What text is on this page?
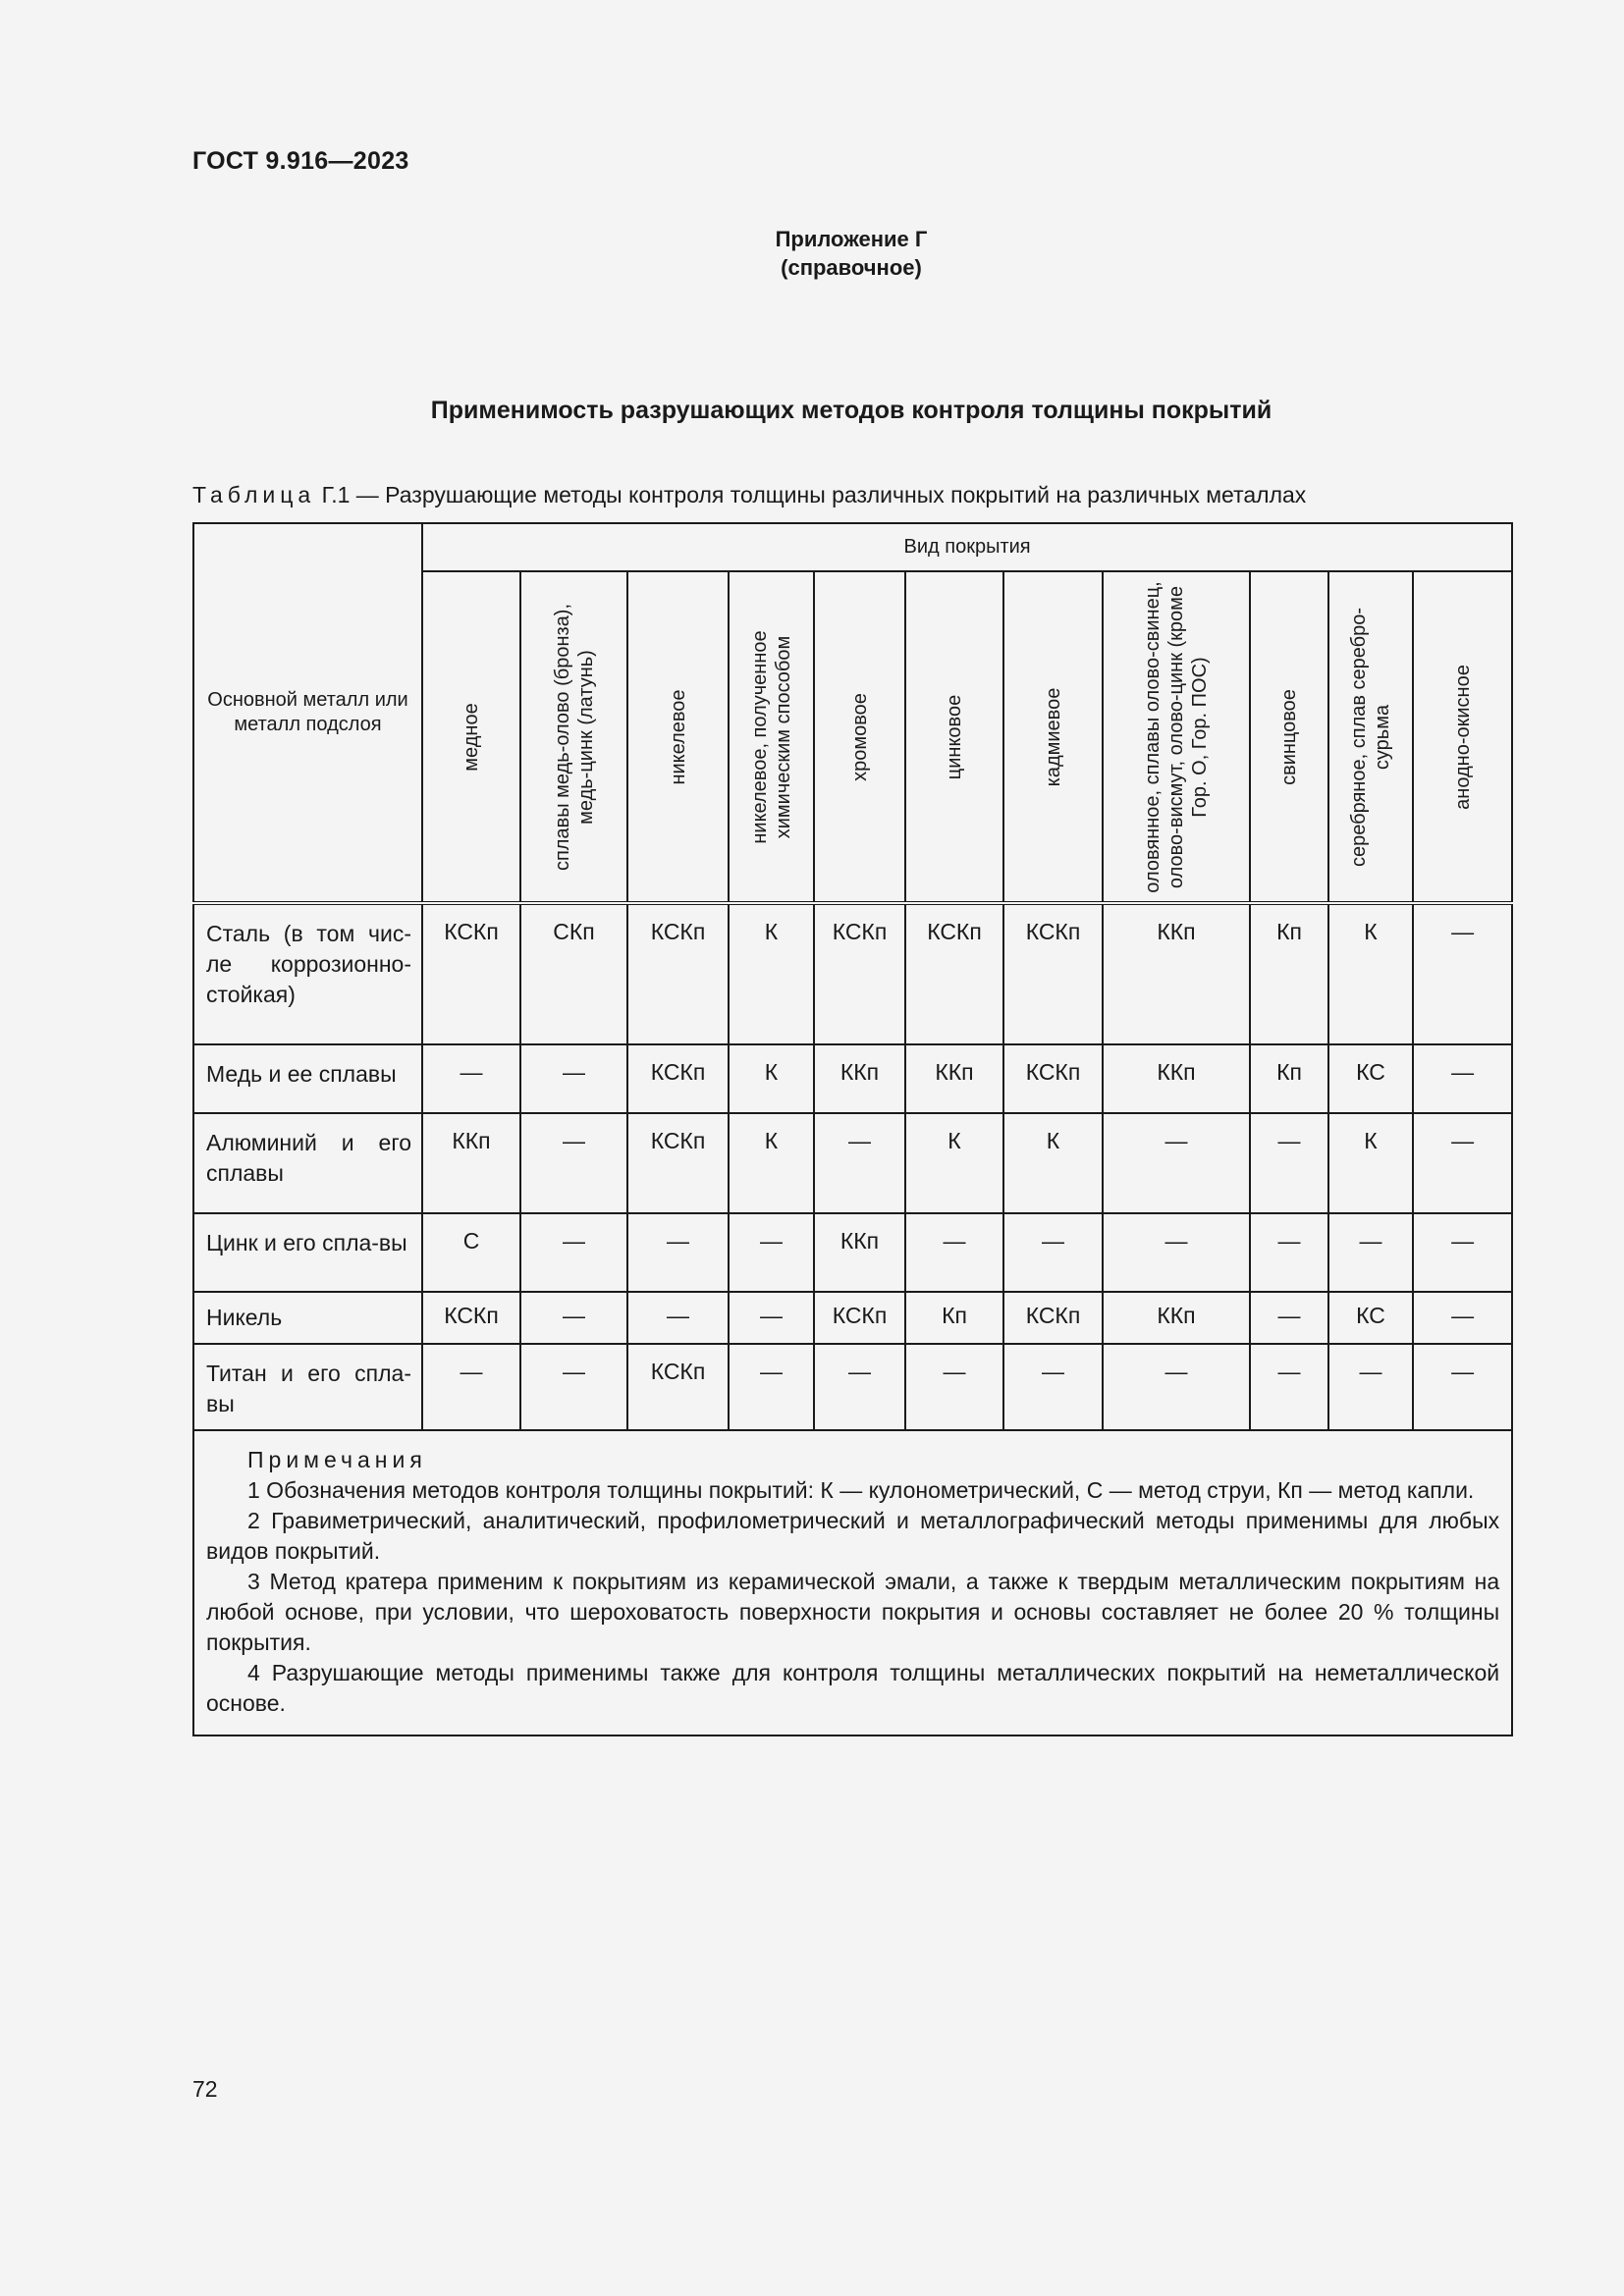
ГОСТ 9.916—2023
Приложение Г
(справочное)
Применимость разрушающих методов контроля толщины покрытий
Таблица Г.1 — Разрушающие методы контроля толщины различных покрытий на различных металлах
Основной металл или металл подслоя	Вид покрытия										

	медное	сплавы медь-олово (бронза), медь-цинк (латунь)	никелевое	никелевое, полученное химическим способом	хромовое	цинковое	кадмиевое	оловянное, сплавы олово-свинец, олово-висмут, олово-цинк (кроме Гор. О, Гор. ПОС)	свинцовое	серебряное, сплав серебро-сурьма	анодно-окисное

Сталь (в том чис-ле коррозионно-стойкая)	КСКп	СКп	КСКп	К	КСКп	КСКп	КСКп	ККп	Кп	К	—
Медь и ее сплавы	—	—	КСКп	К	ККп	ККп	КСКп	ККп	Кп	КС	—
Алюминий и его сплавы	ККп	—	КСКп	К	—	К	К	—	—	К	—
Цинк и его спла-вы	С	—	—	—	ККп	—	—	—	—	—	—
Никель	КСКп	—	—	—	КСКп	Кп	КСКп	ККп	—	КС	—
Титан и его спла-вы	—	—	КСКп	—	—	—	—	—	—	—	—

Примечания

1 Обозначения методов контроля толщины покрытий: К — кулонометрический, С — метод струи, Кп — метод капли.

2 Гравиметрический, аналитический, профилометрический и металлографический методы применимы для любых видов покрытий.

3 Метод кратера применим к покрытиям из керамической эмали, а также к твердым металлическим покрытиям на любой основе, при условии, что шероховатость поверхности покрытия и основы составляет не более 20 % толщины покрытия.

4 Разрушающие методы применимы также для контроля толщины металлических покрытий на неметаллической основе.											

72
